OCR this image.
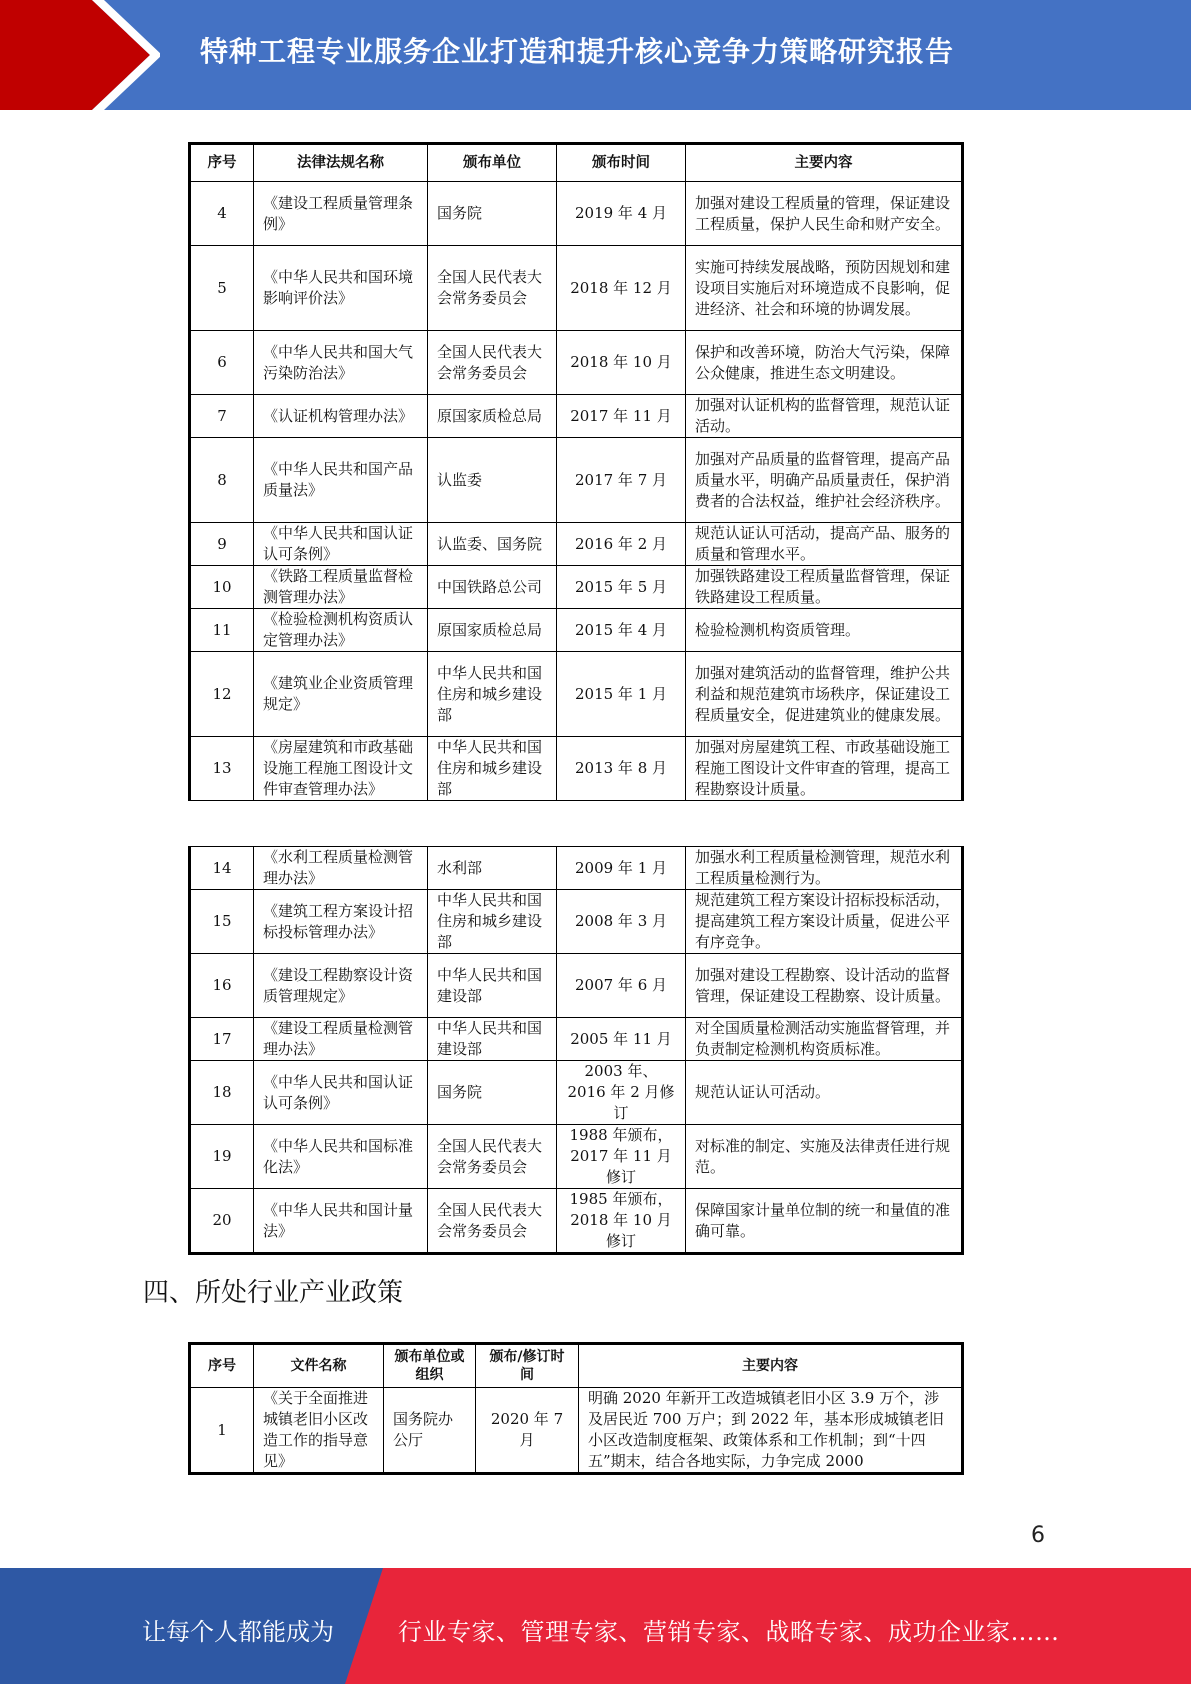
特种工程专业服务企业打造和提升核心竞争力策略研究报告
序号	法律法规名称	颁布单位	颁布时间	主要内容
4	《建设工程质量管理条例》	国务院	2019 年 4 月	加强对建设工程质量的管理，保证建设工程质量，保护人民生命和财产安全。
5	《中华人民共和国环境影响评价法》	全国人民代表大会常务委员会	2018 年 12 月	实施可持续发展战略，预防因规划和建设项目实施后对环境造成不良影响，促进经济、社会和环境的协调发展。
6	《中华人民共和国大气污染防治法》	全国人民代表大会常务委员会	2018 年 10 月	保护和改善环境，防治大气污染，保障公众健康，推进生态文明建设。
7	《认证机构管理办法》	原国家质检总局	2017 年 11 月	加强对认证机构的监督管理，规范认证活动。
8	《中华人民共和国产品质量法》	认监委	2017 年 7 月	加强对产品质量的监督管理，提高产品质量水平，明确产品质量责任，保护消费者的合法权益，维护社会经济秩序。
9	《中华人民共和国认证认可条例》	认监委、国务院	2016 年 2 月	规范认证认可活动，提高产品、服务的质量和管理水平。
10	《铁路工程质量监督检测管理办法》	中国铁路总公司	2015 年 5 月	加强铁路建设工程质量监督管理，保证铁路建设工程质量。
11	《检验检测机构资质认定管理办法》	原国家质检总局	2015 年 4 月	检验检测机构资质管理。
12	《建筑业企业资质管理规定》	中华人民共和国住房和城乡建设部	2015 年 1 月	加强对建筑活动的监督管理，维护公共利益和规范建筑市场秩序，保证建设工程质量安全，促进建筑业的健康发展。
13	《房屋建筑和市政基础设施工程施工图设计文件审查管理办法》	中华人民共和国住房和城乡建设部	2013 年 8 月	加强对房屋建筑工程、市政基础设施工程施工图设计文件审查的管理，提高工程勘察设计质量。
14	《水利工程质量检测管理办法》	水利部	2009 年 1 月	加强水利工程质量检测管理，规范水利工程质量检测行为。
15	《建筑工程方案设计招标投标管理办法》	中华人民共和国住房和城乡建设部	2008 年 3 月	规范建筑工程方案设计招标投标活动，提高建筑工程方案设计质量，促进公平有序竞争。
16	《建设工程勘察设计资质管理规定》	中华人民共和国建设部	2007 年 6 月	加强对建设工程勘察、设计活动的监督管理，保证建设工程勘察、设计质量。
17	《建设工程质量检测管理办法》	中华人民共和国建设部	2005 年 11 月	对全国质量检测活动实施监督管理，并负责制定检测机构资质标准。
18	《中华人民共和国认证认可条例》	国务院	2003 年、2016 年 2 月修订	规范认证认可活动。
19	《中华人民共和国标准化法》	全国人民代表大会常务委员会	1988 年颁布，2017 年 11 月修订	对标准的制定、实施及法律责任进行规范。
20	《中华人民共和国计量法》	全国人民代表大会常务委员会	1985 年颁布，2018 年 10 月修订	保障国家计量单位制的统一和量值的准确可靠。
四、所处行业产业政策
序号	文件名称	颁布单位或组织	颁布/修订时间	主要内容
1	《关于全面推进城镇老旧小区改造工作的指导意见》	国务院办公厅	2020 年 7 月	明确 2020 年新开工改造城镇老旧小区 3.9 万个，涉及居民近 700 万户；到 2022 年，基本形成城镇老旧小区改造制度框架、政策体系和工作机制；到“十四五”期末，结合各地实际，力争完成 2000
6
让每个人都能成为	行业专家、管理专家、营销专家、战略专家、成功企业家……
